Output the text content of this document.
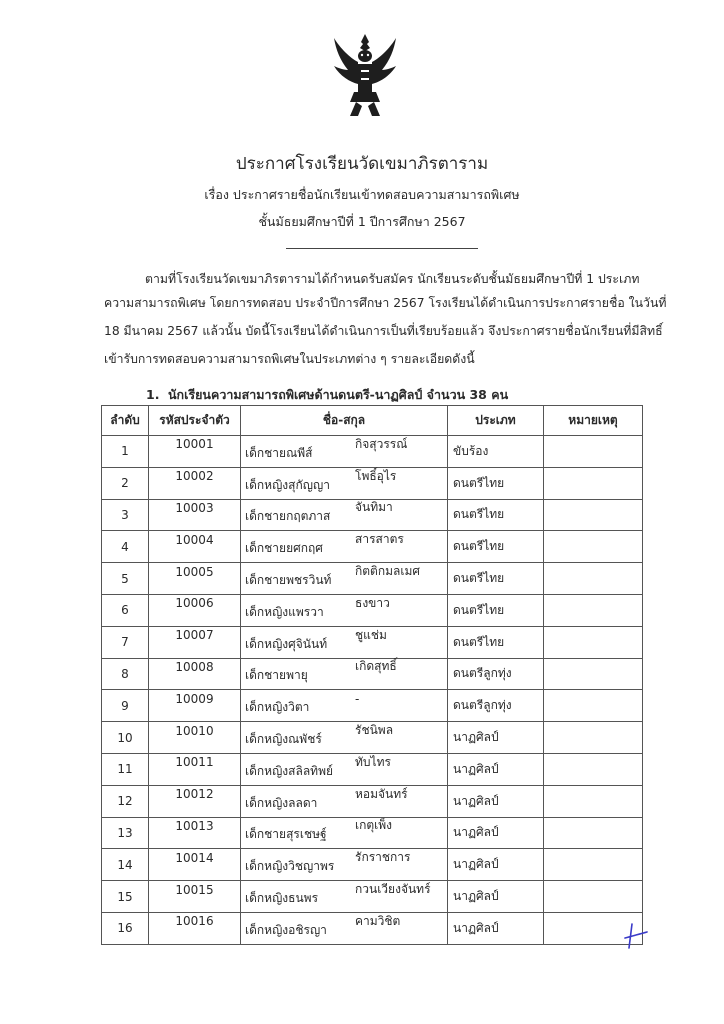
ประกาศโรงเรียนวัดเขมาภิรตาราม
เรื่อง ประกาศรายชื่อนักเรียนเข้าทดสอบความสามารถพิเศษ
ชั้นมัธยมศึกษาปีที่ 1 ปีการศึกษา 2567
ตามที่โรงเรียนวัดเขมาภิรตารามได้กำหนดรับสมัคร นักเรียนระดับชั้นมัธยมศึกษาปีที่ 1 ประเภท
ความสามารถพิเศษ โดยการทดสอบ ประจำปีการศึกษา 2567 โรงเรียนได้ดำเนินการประกาศรายชื่อ ในวันที่
18 มีนาคม 2567 แล้วนั้น บัดนี้โรงเรียนได้ดำเนินการเป็นที่เรียบร้อยแล้ว จึงประกาศรายชื่อนักเรียนที่มีสิทธิ์
เข้ารับการทดสอบความสามารถพิเศษในประเภทต่าง ๆ รายละเอียดดังนี้
1. นักเรียนความสามารถพิเศษด้านดนตรี-นาฏศิลป์ จำนวน 38 คน
ลำดับ	รหัสประจำตัว	ชื่อ-สกุล	ประเภท	หมายเหตุ
1	10001	เด็กชายณพีส์กิจสุวรรณ์	ขับร้อง	
2	10002	เด็กหญิงสุกัญญาโพธิ์อุไร	ดนตรีไทย	
3	10003	เด็กชายกฤตภาสจันทิมา	ดนตรีไทย	
4	10004	เด็กชายยศกฤศสารสาตร	ดนตรีไทย	
5	10005	เด็กชายพชรวินท์กิตติกมลเมศ	ดนตรีไทย	
6	10006	เด็กหญิงแพรวาธงขาว	ดนตรีไทย	
7	10007	เด็กหญิงศุจินันท์ชูแช่ม	ดนตรีไทย	
8	10008	เด็กชายพายุเกิดสุทธิ์	ดนตรีลูกทุ่ง	
9	10009	เด็กหญิงวิตา-	ดนตรีลูกทุ่ง	
10	10010	เด็กหญิงณพัชร์รัชนิพล	นาฏศิลป์	
11	10011	เด็กหญิงสลิลทิพย์ทับไทร	นาฏศิลป์	
12	10012	เด็กหญิงลลดาหอมจันทร์	นาฏศิลป์	
13	10013	เด็กชายสุรเชษฐ์เกตุเพ็ง	นาฏศิลป์	
14	10014	เด็กหญิงวิชญาพรรักราชการ	นาฏศิลป์	
15	10015	เด็กหญิงธนพรกวนเวียงจันทร์	นาฏศิลป์	
16	10016	เด็กหญิงอชิรญาคามวิชิต	นาฏศิลป์	
